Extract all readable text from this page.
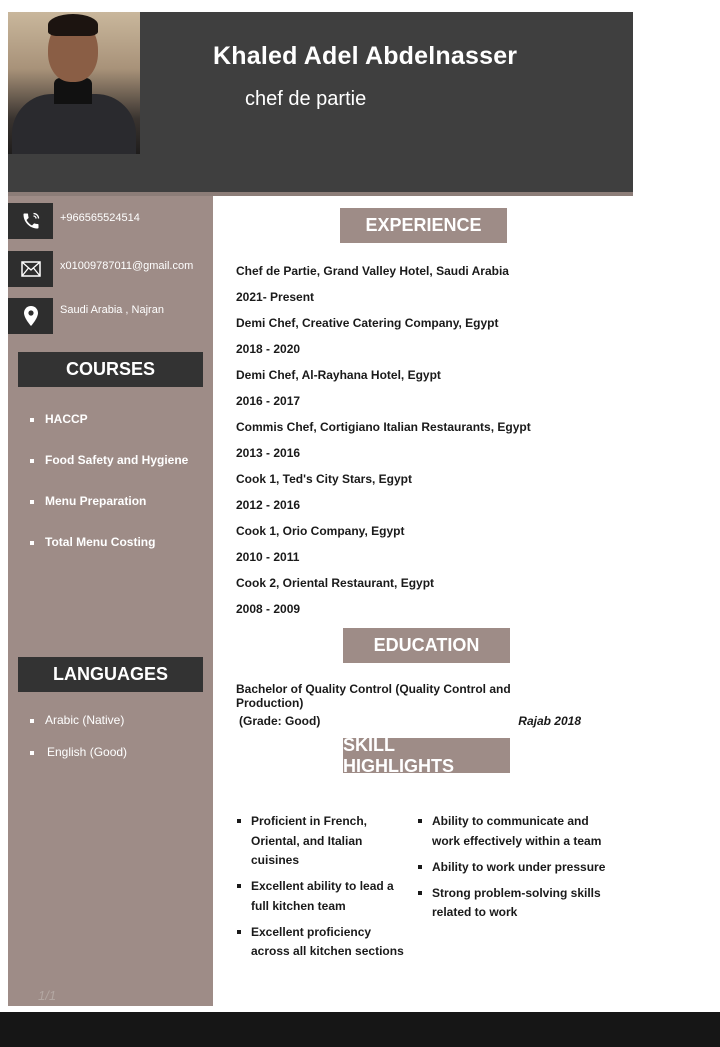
Khaled Adel Abdelnasser
chef de partie
+966565524514
x01009787011@gmail.com
Saudi Arabia , Najran
COURSES
HACCP
Food Safety and Hygiene
Menu Preparation
Total Menu Costing
LANGUAGES
Arabic (Native)
English (Good)
EXPERIENCE
Chef de Partie, Grand Valley Hotel, Saudi Arabia
2021- Present
Demi Chef, Creative Catering Company, Egypt
2018 - 2020
Demi Chef, Al-Rayhana Hotel, Egypt
2016 - 2017
Commis Chef, Cortigiano Italian Restaurants, Egypt
2013 - 2016
Cook 1, Ted's City Stars, Egypt
2012 - 2016
Cook 1, Orio Company, Egypt
2010 - 2011
Cook 2, Oriental Restaurant, Egypt
2008 - 2009
EDUCATION
Bachelor of Quality Control (Quality Control and Production)
(Grade: Good)	Rajab 2018
SKILL HIGHLIGHTS
Proficient in French, Oriental, and Italian cuisines
Excellent ability to lead a full kitchen team
Excellent proficiency across all kitchen sections
Ability to communicate and work effectively within a team
Ability to work under pressure
Strong problem-solving skills related to work
1/1
